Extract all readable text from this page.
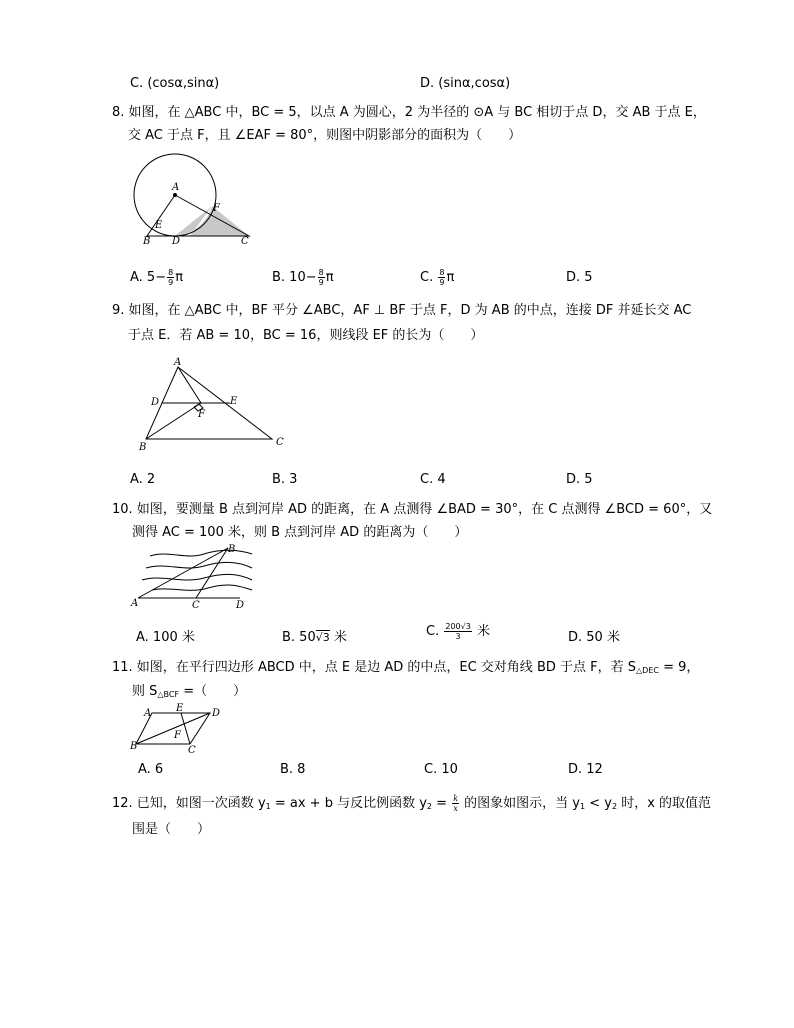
C. (cosα,sinα)	D. (sinα,cosα)
8. 如图，在 △ABC 中，BC = 5，以点 A 为圆心，2 为半径的 ⊙A 与 BC 相切于点 D，交 AB 于点 E，
交 AC 于点 F，且 ∠EAF = 80°，则图中阴影部分的面积为（　　）
A
B	C
D
E
F
A. $5- \frac{8}{9}$ π	B. $10- \frac{8}{9}$ π	C. $\frac{8}{9}$ π	D. 5
9. 如图，在 △ABC 中，BF 平分 ∠ABC，AF ⊥ BF 于点 F，D 为 AB 的中点，连接 DF 并延长交 AC
于点 E．若 AB = 10，BC = 16，则线段 EF 的长为（　　）
A
B	C
D	E
F
A. 2	B. 3	C. 4	D. 5
10. 如图，要测量 B 点到河岸 AD 的距离，在 A 点测得 ∠BAD = 30°，在 C 点测得 ∠BCD = 60°，又
测得 AC = 100 米，则 B 点到河岸 AD 的距离为（　　）
A
B
C	D
A. 100 米	B. 50√3 米	C. $\frac{200√3}{3}$ 米	D. 50 米
11. 如图，在平行四边形 ABCD 中，点 E 是边 AD 的中点，EC 交对角线 BD 于点 F，若 $S_{\triangle DEC} = 9$，
则 $S_{\triangle BCF}$ =（　　）
A
B	C
D
E
F
A. 6	B. 8	C. 10	D. 12
12. 已知，如图一次函数 $y_1$ = ax + b 与反比例函数 $y_2 = \frac{k}{x}$ 的图象如图示，当 $y_1 < y_2$ 时，x 的取值范
围是（　　）
